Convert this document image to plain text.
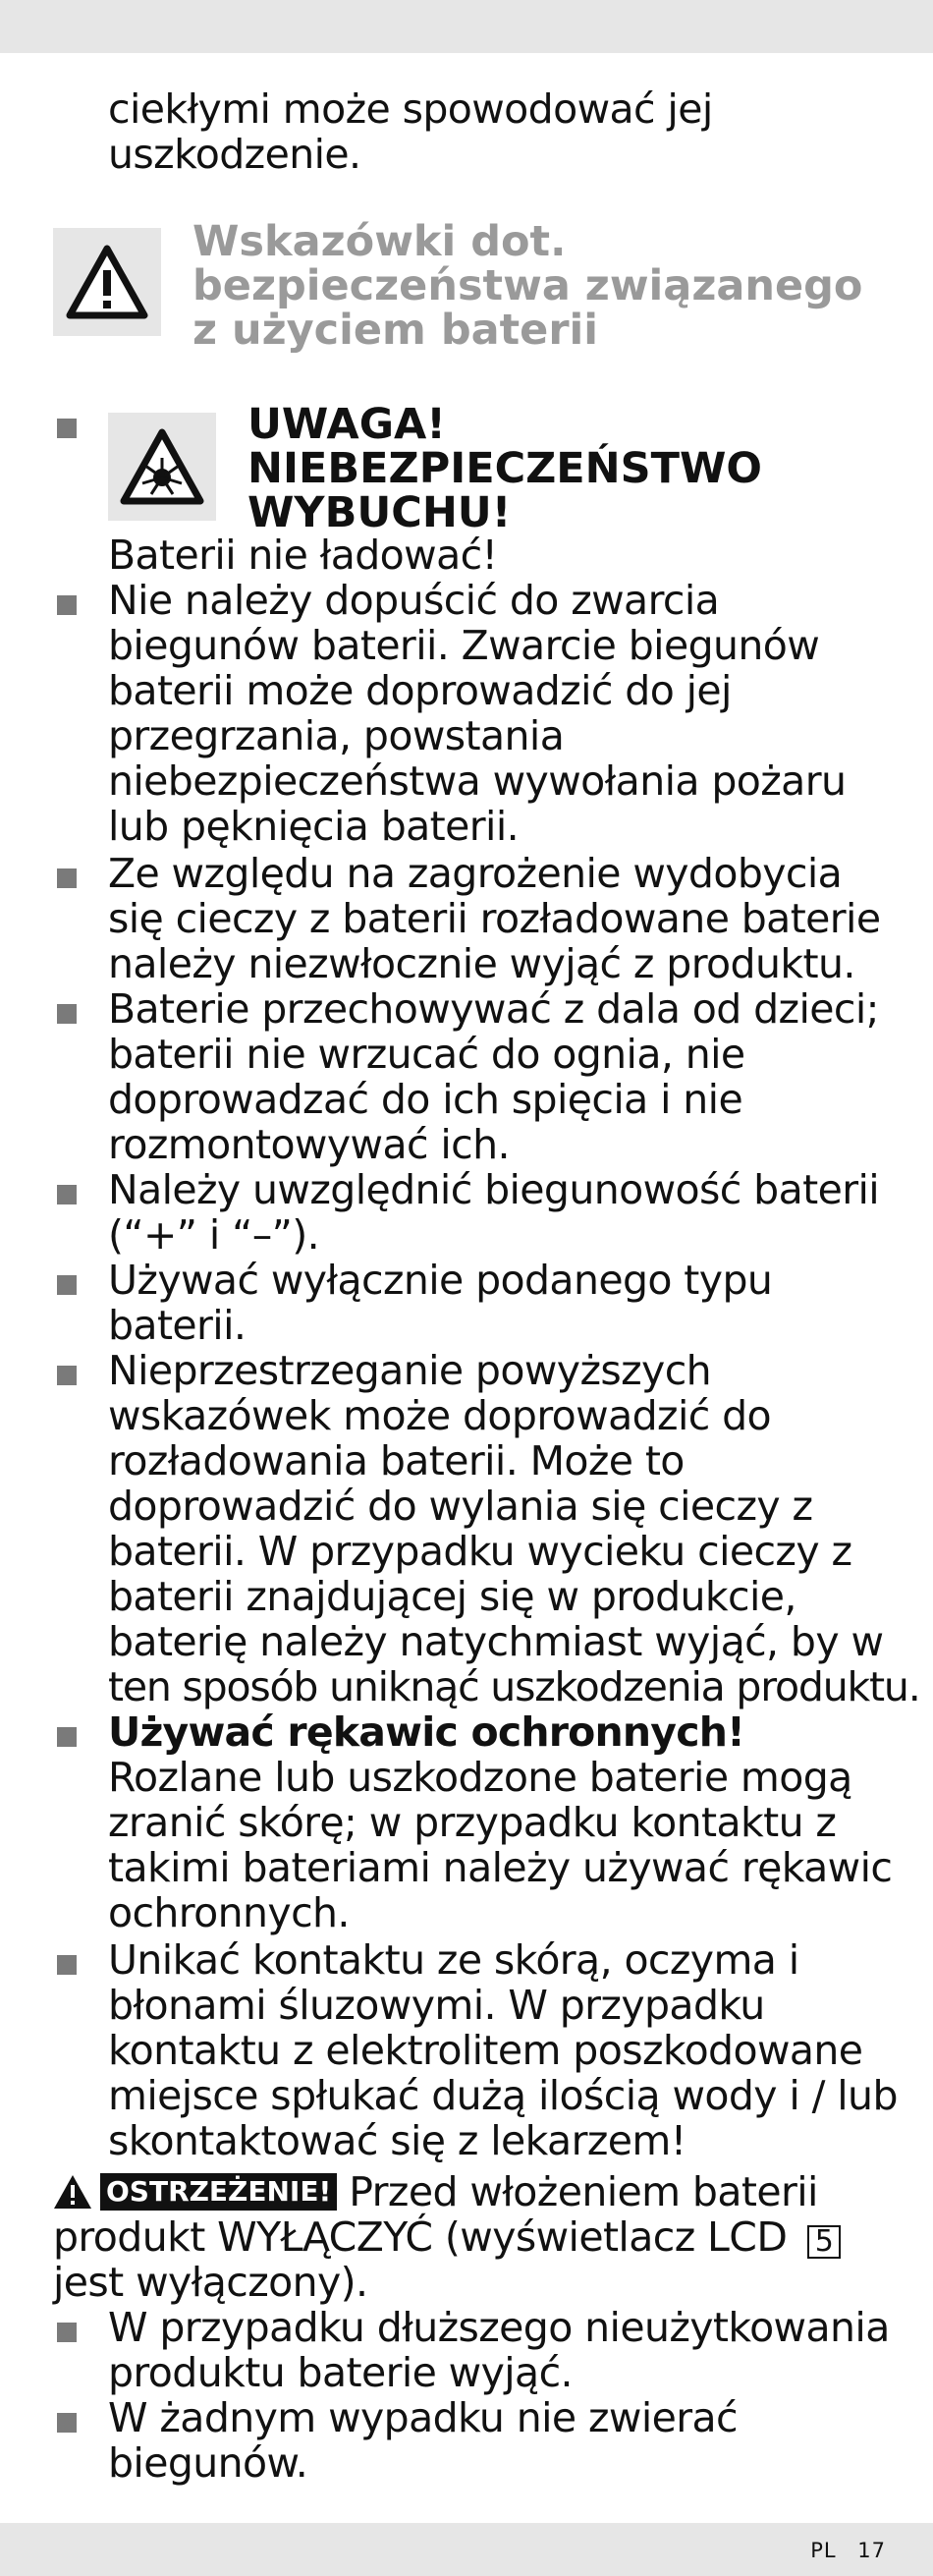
ciekłymi może spowodować jej
uszkodzenie.
Wskazówki dot.
bezpieczeństwa związanego
z użyciem baterii
UWAGA!
NIEBEZPIECZEŃSTWO
WYBUCHU!
Baterii nie ładować!
Nie należy dopuścić do zwarcia
biegunów baterii. Zwarcie biegunów
baterii może doprowadzić do jej
przegrzania, powstania
niebezpieczeństwa wywołania pożaru
lub pęknięcia baterii.
Ze względu na zagrożenie wydobycia
się cieczy z baterii rozładowane baterie
należy niezwłocznie wyjąć z produktu.
Baterie przechowywać z dala od dzieci;
baterii nie wrzucać do ognia, nie
doprowadzać do ich spięcia i nie
rozmontowywać ich.
Należy uwzględnić biegunowość baterii
(“+” i “–”).
Używać wyłącznie podanego typu
baterii.
Nieprzestrzeganie powyższych
wskazówek może doprowadzić do
rozładowania baterii. Może to
doprowadzić do wylania się cieczy z
baterii. W przypadku wycieku cieczy z
baterii znajdującej się w produkcie,
baterię należy natychmiast wyjąć, by w
ten sposób uniknąć uszkodzenia produktu.
Używać rękawic ochronnych!
Rozlane lub uszkodzone baterie mogą
zranić skórę; w przypadku kontaktu z
takimi bateriami należy używać rękawic
ochronnych.
Unikać kontaktu ze skórą, oczyma i
błonami śluzowymi. W przypadku
kontaktu z elektrolitem poszkodowane
miejsce spłukać dużą ilością wody i / lub
skontaktować się z lekarzem!
OSTRZEŻENIE! Przed włożeniem baterii
produkt WYŁĄCZYĆ (wyświetlacz LCD 5
jest wyłączony).
W przypadku dłuższego nieużytkowania
produktu baterie wyjąć.
W żadnym wypadku nie zwierać
biegunów.
PL 17
